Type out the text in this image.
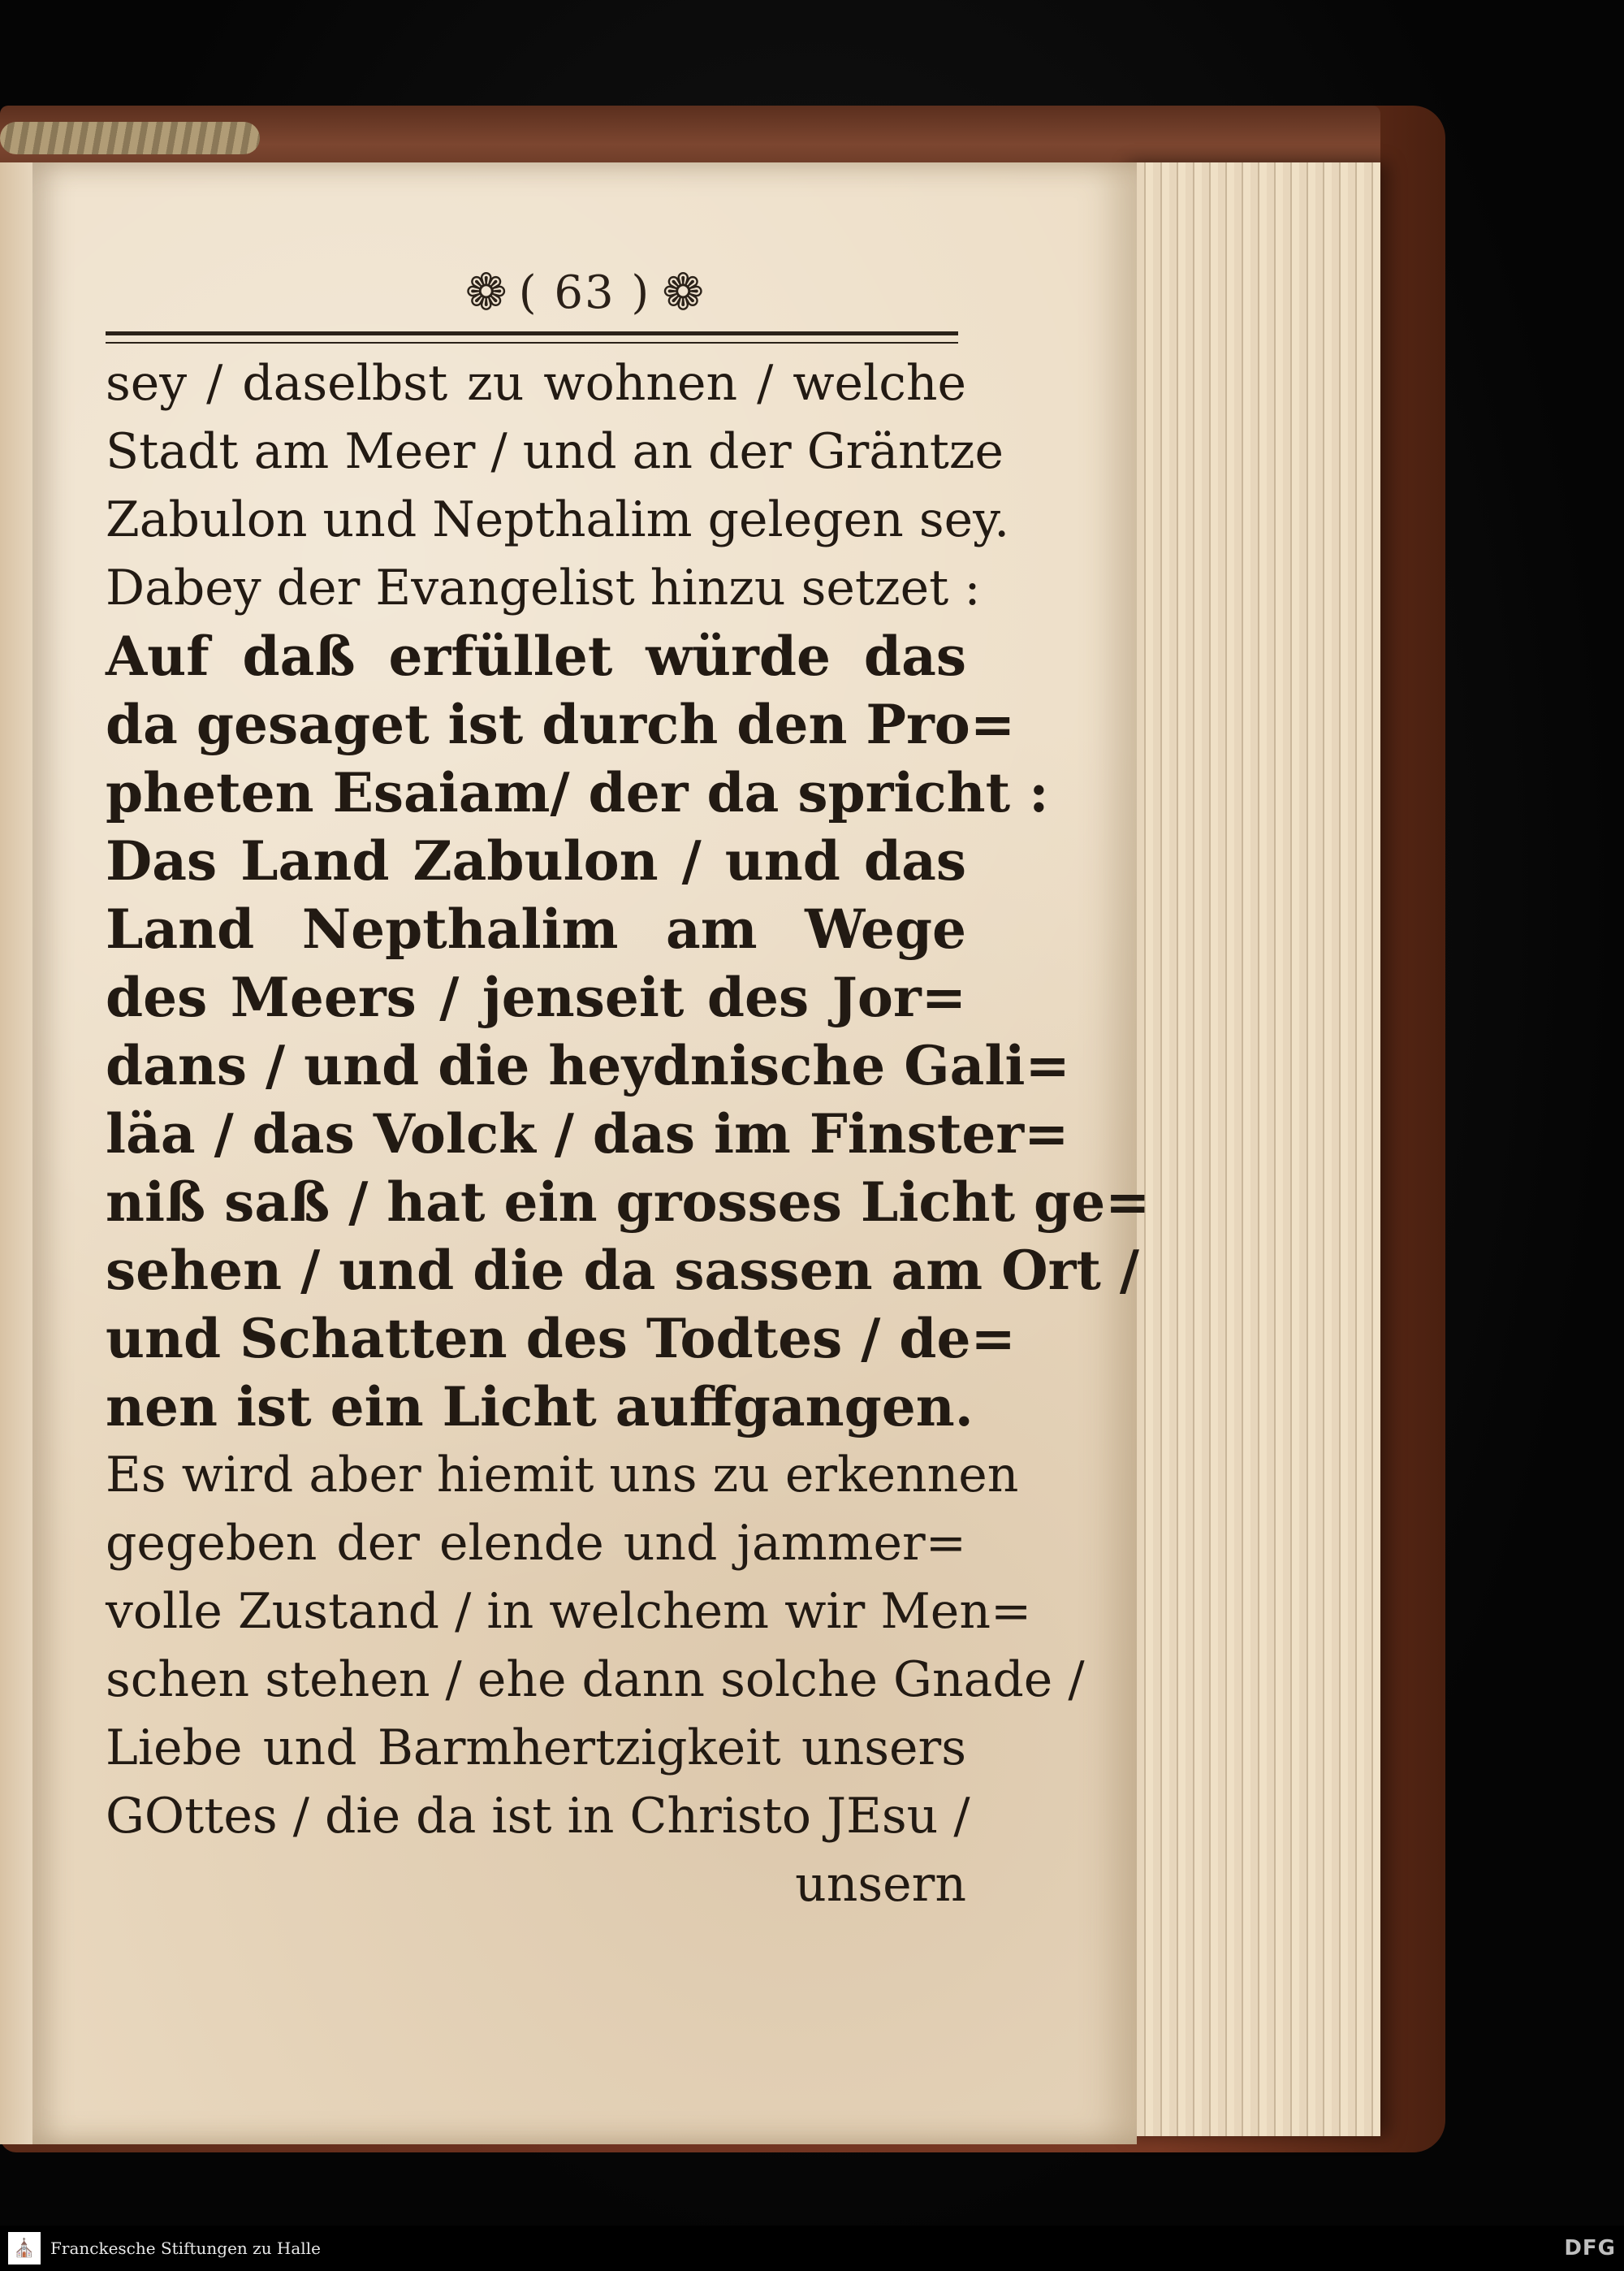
❁ ( 63 ) ❁
sey / daselbst zu wohnen / welche
Stadt am Meer / und an der Gräntze
Zabulon und Nepthalim gelegen sey.
Dabey der Evangelist hinzu setzet :
Auf daß erfüllet würde das
da gesaget ist durch den Pro=
pheten Esaiam/ der da spricht :
Das Land Zabulon / und das
Land Nepthalim am Wege
des Meers / jenseit des Jor=
dans / und die heydnische Gali=
läa / das Volck / das im Finster=
niß saß / hat ein grosses Licht ge=
sehen / und die da sassen am Ort /
und Schatten des Todtes / de=
nen ist ein Licht auffgangen.
Es wird aber hiemit uns zu erkennen
gegeben der elende und jammer=
volle Zustand / in welchem wir Men=
schen stehen / ehe dann solche Gnade /
Liebe und Barmhertzigkeit unsers
GOttes / die da ist in Christo JEsu /
unsern
⛪ Franckesche Stiftungen zu Halle	DFG
